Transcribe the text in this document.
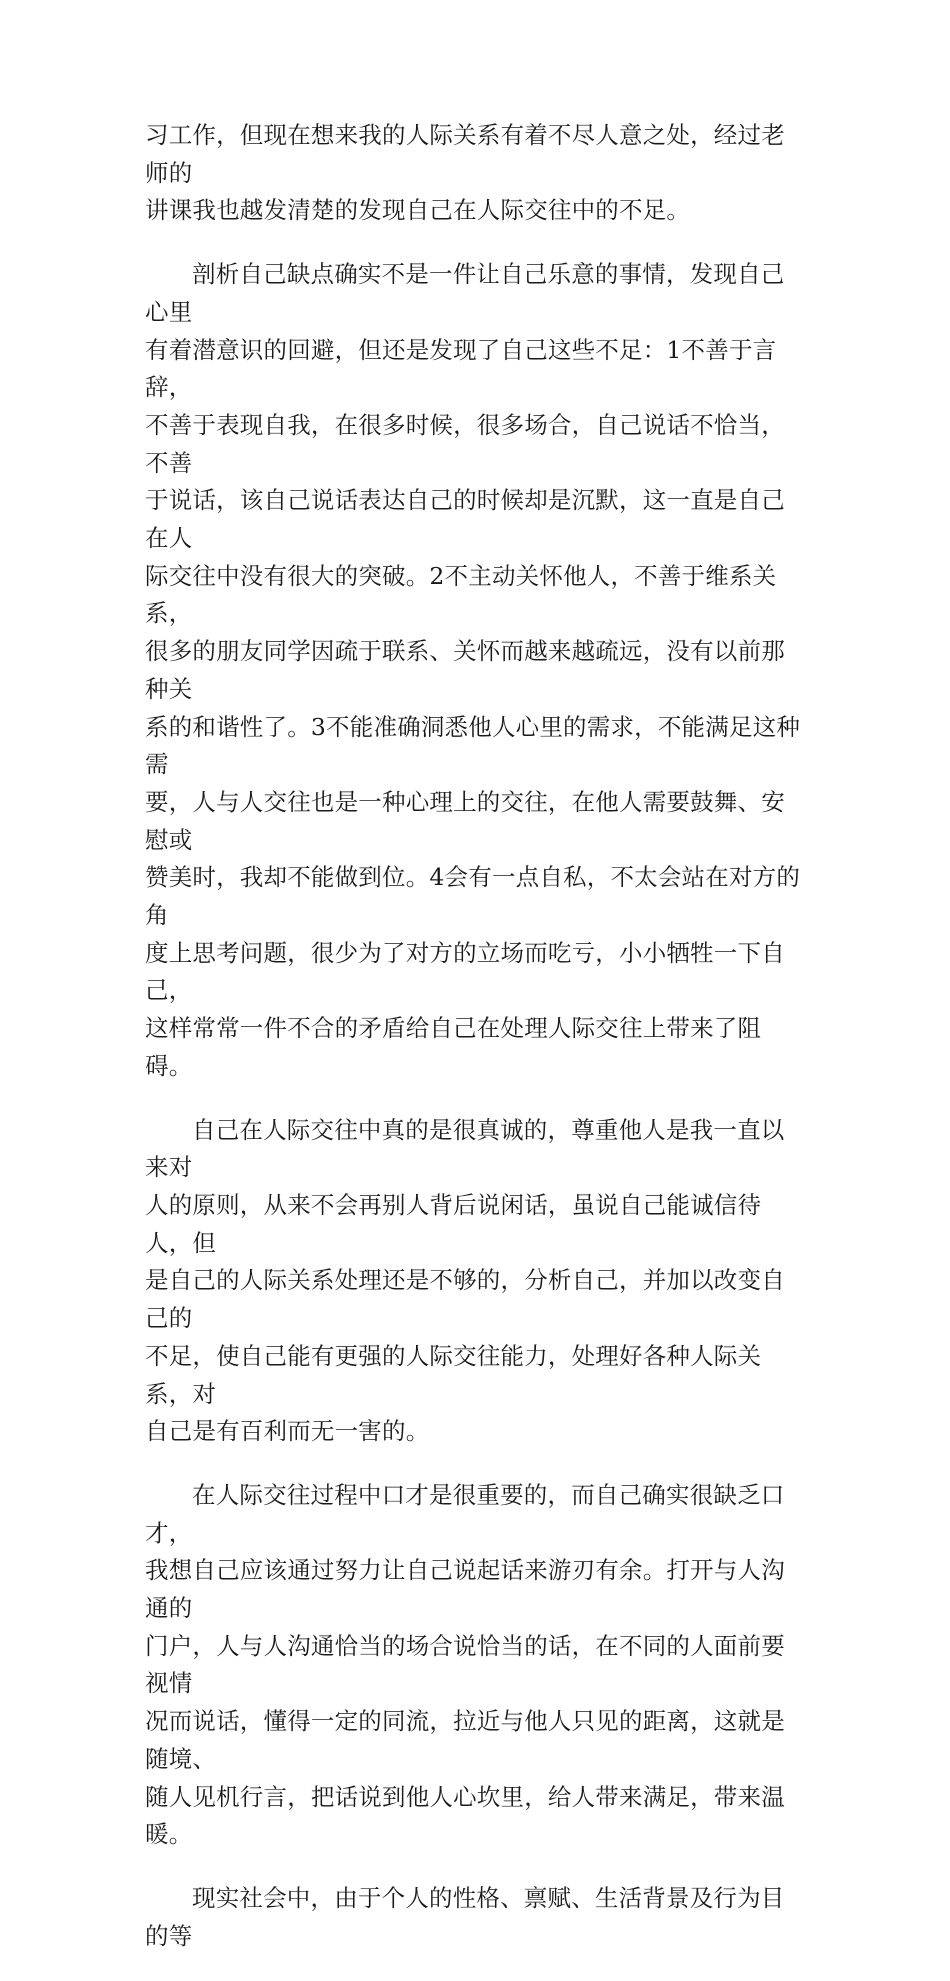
习工作，但现在想来我的人际关系有着不尽人意之处，经过老师的
讲课我也越发清楚的发现自己在人际交往中的不足。

剖析自己缺点确实不是一件让自己乐意的事情，发现自己心里
有着潜意识的回避，但还是发现了自己这些不足：1不善于言辞，
不善于表现自我，在很多时候，很多场合，自己说话不恰当，不善
于说话，该自己说话表达自己的时候却是沉默，这一直是自己在人
际交往中没有很大的突破。2不主动关怀他人，不善于维系关系，
很多的朋友同学因疏于联系、关怀而越来越疏远，没有以前那种关
系的和谐性了。3不能准确洞悉他人心里的需求，不能满足这种需
要，人与人交往也是一种心理上的交往，在他人需要鼓舞、安慰或
赞美时，我却不能做到位。4会有一点自私，不太会站在对方的角
度上思考问题，很少为了对方的立场而吃亏，小小牺牲一下自己，
这样常常一件不合的矛盾给自己在处理人际交往上带来了阻碍。

自己在人际交往中真的是很真诚的，尊重他人是我一直以来对
人的原则，从来不会再别人背后说闲话，虽说自己能诚信待人，但
是自己的人际关系处理还是不够的，分析自己，并加以改变自己的
不足，使自己能有更强的人际交往能力，处理好各种人际关系，对
自己是有百利而无一害的。

在人际交往过程中口才是很重要的，而自己确实很缺乏口才，
我想自己应该通过努力让自己说起话来游刃有余。打开与人沟通的
门户，人与人沟通恰当的场合说恰当的话，在不同的人面前要视情
况而说话，懂得一定的同流，拉近与他人只见的距离，这就是随境、
随人见机行言，把话说到他人心坎里，给人带来满足，带来温暖。

现实社会中，由于个人的性格、禀赋、生活背景及行为目的等
